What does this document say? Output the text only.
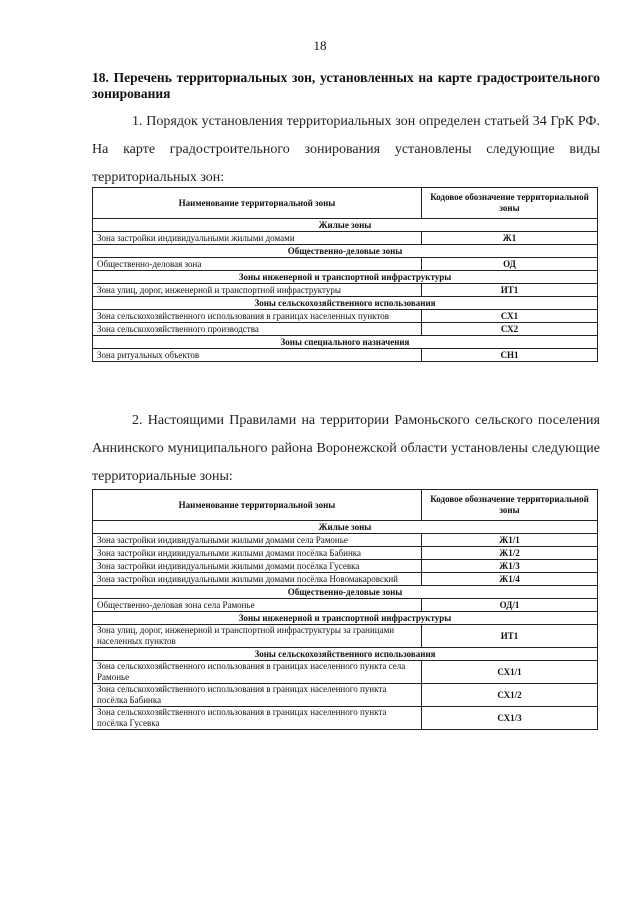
18
18. Перечень территориальных зон, установленных на карте градостроительного зонирования
1. Порядок установления территориальных зон определен статьей 34 ГрК РФ. На карте градостроительного зонирования установлены следующие виды территориальных зон:
Наименование территориальной зоны	Кодовое обозначение территориальной зоны
Жилые зоны	
Зона застройки индивидуальными жилыми домами	Ж1
Общественно-деловые зоны	
Общественно-деловая зона	ОД
Зоны инженерной и транспортной инфраструктуры	
Зона улиц, дорог, инженерной и транспортной инфраструктуры	ИТ1
Зоны сельскохозяйственного использования	
Зона сельскохозяйственного использования в границах населенных пунктов	СХ1
Зона сельскохозяйственного производства	СХ2
Зоны специального назначения	
Зона ритуальных объектов	СН1
2. Настоящими Правилами на территории Рамоньского сельского поселения Аннинского муниципального района Воронежской области установлены следующие территориальные зоны:
Наименование территориальной зоны	Кодовое обозначение территориальной зоны
Жилые зоны	
Зона застройки индивидуальными жилыми домами села Рамонье	Ж1/1
Зона застройки индивидуальными жилыми домами посёлка Бабинка	Ж1/2
Зона застройки индивидуальными жилыми домами посёлка Гусевка	Ж1/3
Зона застройки индивидуальными жилыми домами посёлка Новомакаровский	Ж1/4
Общественно-деловые зоны	
Общественно-деловая зона села Рамонье	ОД/1
Зоны инженерной и транспортной инфраструктуры	
Зона улиц, дорог, инженерной и транспортной инфраструктуры за границами населенных пунктов	ИТ1
Зоны сельскохозяйственного использования	
Зона сельскохозяйственного использования в границах населенного пункта села Рамонье	СХ1/1
Зона сельскохозяйственного использования в границах населенного пункта посёлка Бабинка	СХ1/2
Зона сельскохозяйственного использования в границах населенного пункта посёлка Гусевка	СХ1/3
